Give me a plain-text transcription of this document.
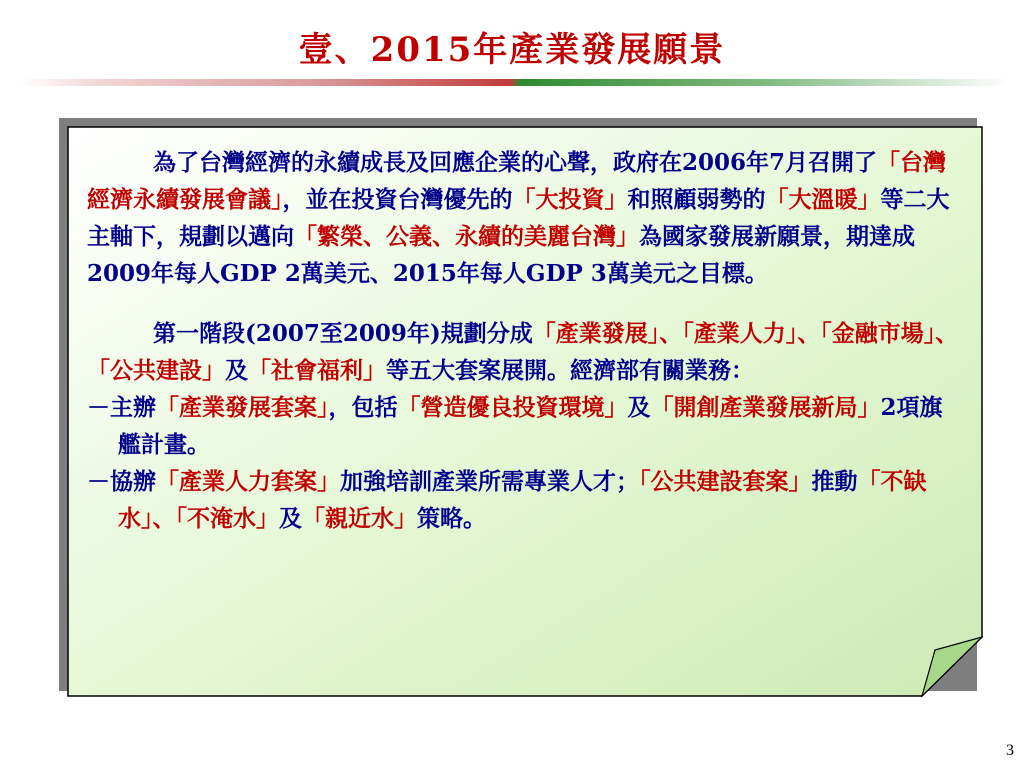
壹、2015年產業發展願景

為了台灣經濟的永續成長及回應企業的心聲，政府在2006年7月召開了「台灣經濟永續發展會議」，並在投資台灣優先的「大投資」和照顧弱勢的「大溫暖」等二大主軸下，規劃以邁向「繁榮、公義、永續的美麗台灣」為國家發展新願景，期達成2009年每人GDP 2萬美元、2015年每人GDP 3萬美元之目標。

第一階段(2007至2009年)規劃分成「產業發展」、「產業人力」、「金融市場」、「公共建設」及「社會福利」等五大套案展開。經濟部有關業務：

－主辦「產業發展套案」，包括「營造優良投資環境」及「開創產業發展新局」2項旗艦計畫。

－協辦「產業人力套案」加強培訓產業所需專業人才；「公共建設套案」推動「不缺水」、「不淹水」及「親近水」策略。

3
